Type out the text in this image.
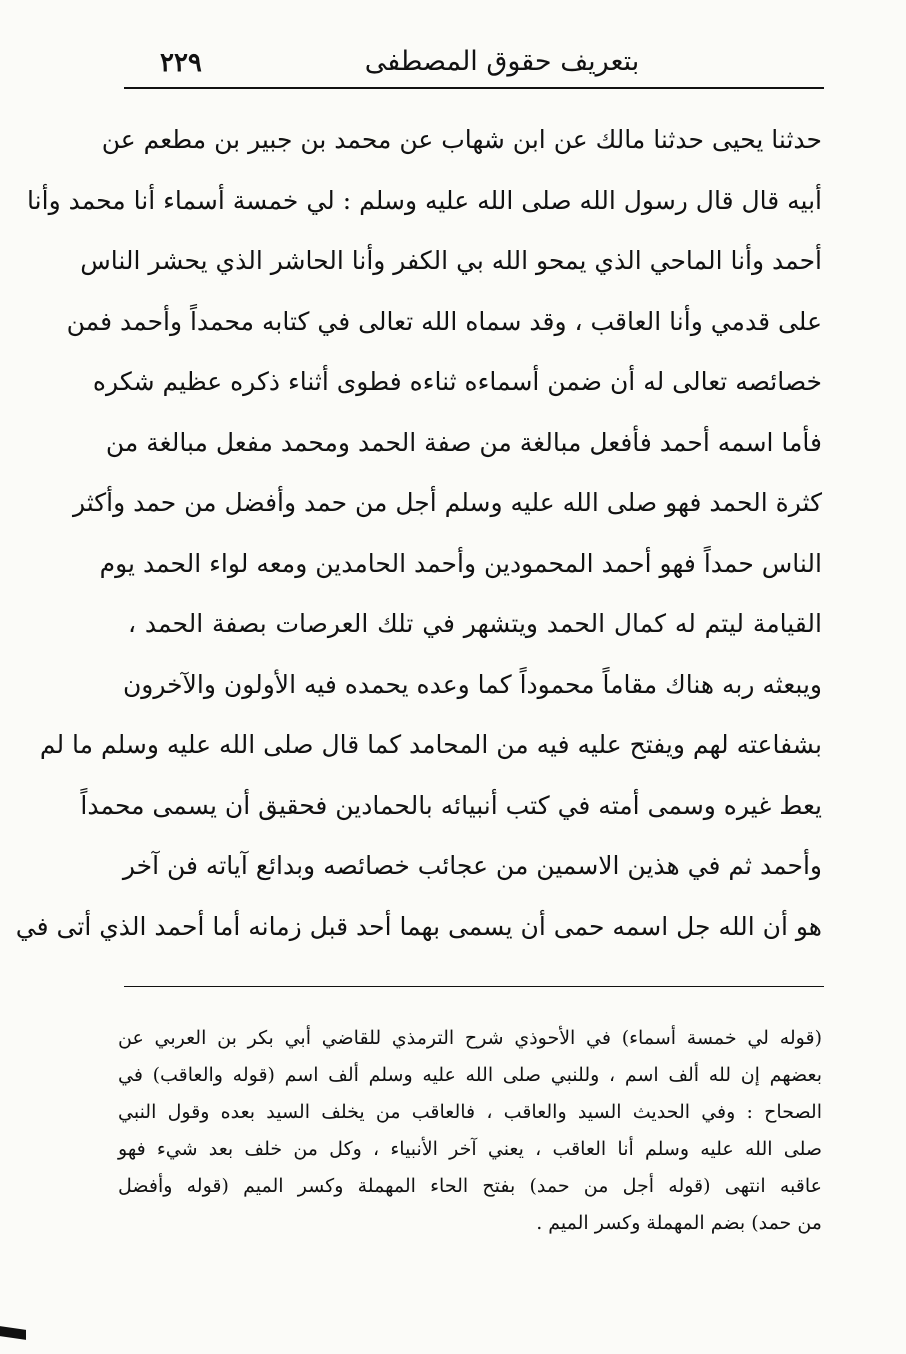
٢٢٩	بتعريف حقوق المصطفى
حدثنا يحيى حدثنا مالك عن ابن شهاب عن محمد بن جبير بن مطعم عن
أبيه قال قال رسول الله صلى الله عليه وسلم : لي خمسة أسماء أنا محمد وأنا
أحمد وأنا الماحي الذي يمحو الله بي الكفر وأنا الحاشر الذي يحشر الناس
على قدمي وأنا العاقب ، وقد سماه الله تعالى في كتابه محمداً وأحمد فمن
خصائصه تعالى له أن ضمن أسماءه ثناءه فطوى أثناء ذكره عظيم شكره
فأما اسمه أحمد فأفعل مبالغة من صفة الحمد ومحمد مفعل مبالغة من
كثرة الحمد فهو صلى الله عليه وسلم أجل من حمد وأفضل من حمد وأكثر
الناس حمداً فهو أحمد المحمودين وأحمد الحامدين ومعه لواء الحمد يوم
القيامة ليتم له كمال الحمد ويتشهر في تلك العرصات بصفة الحمد ،
ويبعثه ربه هناك مقاماً محموداً كما وعده يحمده فيه الأولون والآخرون
بشفاعته لهم ويفتح عليه فيه من المحامد كما قال صلى الله عليه وسلم ما لم
يعط غيره وسمى أمته في كتب أنبيائه بالحمادين فحقيق أن يسمى محمداً
وأحمد ثم في هذين الاسمين من عجائب خصائصه وبدائع آياته فن آخر
هو أن الله جل اسمه حمى أن يسمى بهما أحد قبل زمانه أما أحمد الذي أتى في
(قوله لي خمسة أسماء) في الأحوذي شرح الترمذي للقاضي أبي بكر بن العربي عن
بعضهم إن لله ألف اسم ، وللنبي صلى الله عليه وسلم ألف اسم (قوله والعاقب) في
الصحاح : وفي الحديث السيد والعاقب ، فالعاقب من يخلف السيد بعده وقول النبي
صلى الله عليه وسلم أنا العاقب ، يعني آخر الأنبياء ، وكل من خلف بعد شيء فهو
عاقبه انتهى (قوله أجل من حمد) بفتح الحاء المهملة وكسر الميم (قوله وأفضل
من حمد) بضم المهملة وكسر الميم .
